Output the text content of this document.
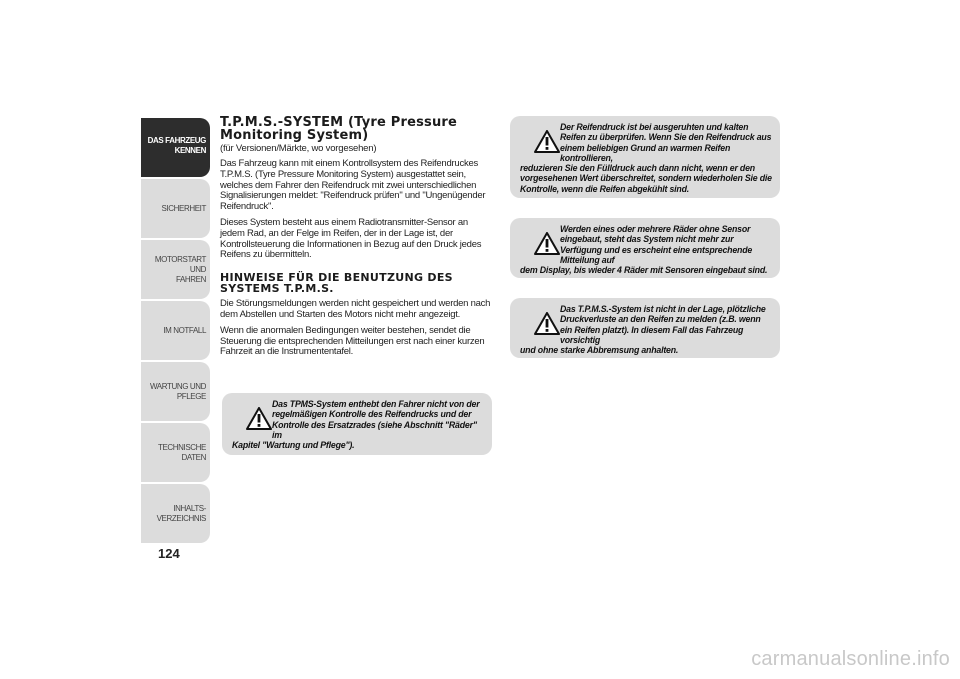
DAS FAHRZEUG
KENNEN
SICHERHEIT
MOTORSTART UND
FAHREN
IM NOTFALL
WARTUNG UND
PFLEGE
TECHNISCHE DATEN
INHALTS-
VERZEICHNIS
124
T.P.M.S.-SYSTEM (Tyre Pressure Monitoring System)
(für Versionen/Märkte, wo vorgesehen)

Das Fahrzeug kann mit einem Kontrollsystem des Reifendruckes T.P.M.S. (Tyre Pressure Monitoring System) ausgestattet sein, welches dem Fahrer den Reifendruck mit zwei unterschiedlichen Signalisierungen meldet: "Reifendruck prüfen" und "Ungenügender Reifendruck".

Dieses System besteht aus einem Radiotransmitter-Sensor an jedem Rad, an der Felge im Reifen, der in der Lage ist, der Kontrollsteuerung die Informationen in Bezug auf den Druck jedes Reifens zu übermitteln.

HINWEISE FÜR DIE BENUTZUNG DES SYSTEMS T.P.M.S.

Die Störungsmeldungen werden nicht gespeichert und werden nach dem Abstellen und Starten des Motors nicht mehr angezeigt.

Wenn die anormalen Bedingungen weiter bestehen, sendet die Steuerung die entsprechenden Mitteilungen erst nach einer kurzen Fahrzeit an die Instrumententafel.

Das TPMS-System enthebt den Fahrer nicht von der regelmäßigen Kontrolle des Reifendrucks und der Kontrolle des Ersatzrades (siehe Abschnitt "Räder" im
Kapitel "Wartung und Pflege").
Der Reifendruck ist bei ausgeruhten und kalten Reifen zu überprüfen. Wenn Sie den Reifendruck aus einem beliebigen Grund an warmen Reifen kontrollieren,
reduzieren Sie den Fülldruck auch dann nicht, wenn er den vorgesehenen Wert überschreitet, sondern wiederholen Sie die Kontrolle, wenn die Reifen abgekühlt sind.
Werden eines oder mehrere Räder ohne Sensor eingebaut, steht das System nicht mehr zur Verfügung und es erscheint eine entsprechende Mitteilung auf
dem Display, bis wieder 4 Räder mit Sensoren eingebaut sind.
Das T.P.M.S.-System ist nicht in der Lage, plötzliche Druckverluste an den Reifen zu melden (z.B. wenn ein Reifen platzt). In diesem Fall das Fahrzeug vorsichtig
und ohne starke Abbremsung anhalten.
carmanualsonline.info
